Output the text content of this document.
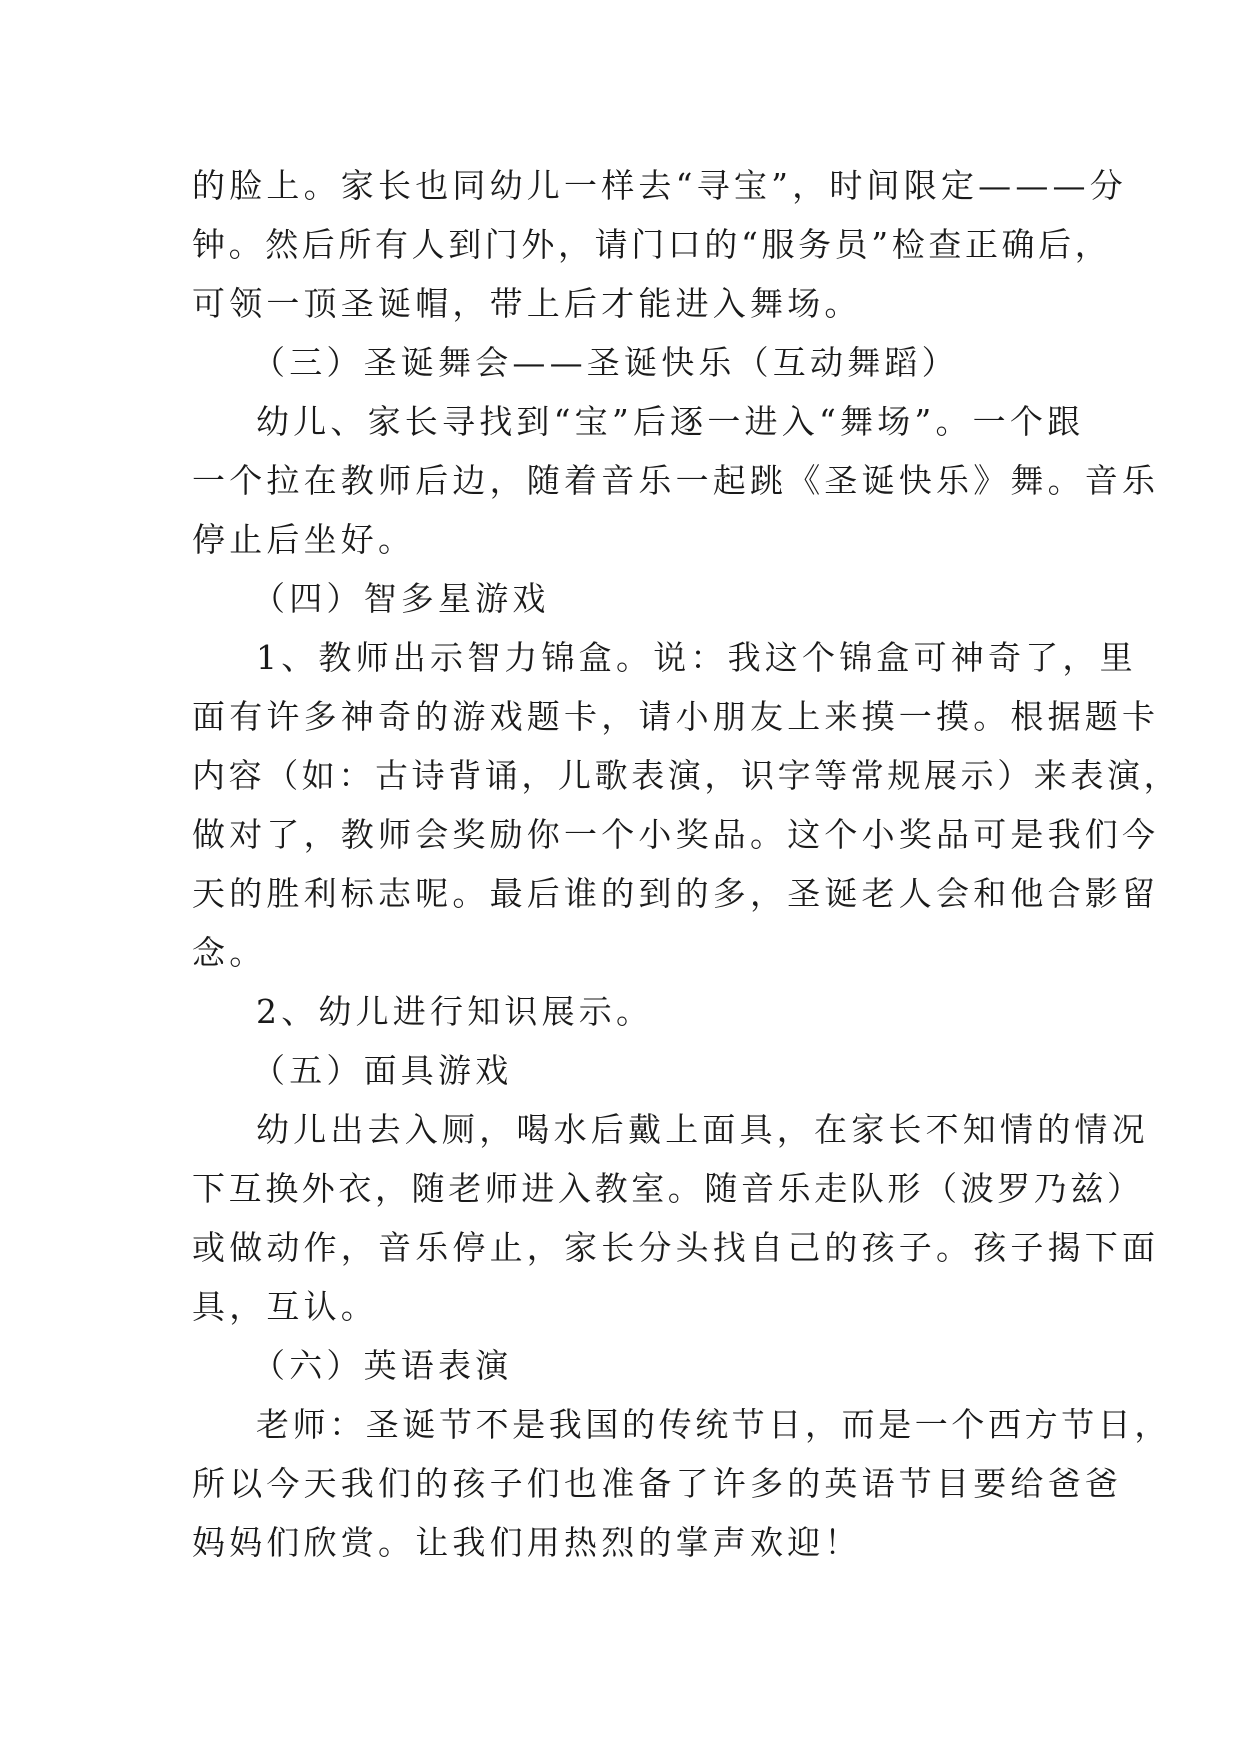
的脸上。家长也同幼儿一样去“寻宝”，时间限定———分
钟。然后所有人到门外，请门口的“服务员”检查正确后，
可领一顶圣诞帽，带上后才能进入舞场。
（三）圣诞舞会——圣诞快乐（互动舞蹈）
幼儿、家长寻找到“宝”后逐一进入“舞场”。一个跟
一个拉在教师后边，随着音乐一起跳《圣诞快乐》舞。音乐
停止后坐好。
（四）智多星游戏
1、教师出示智力锦盒。说：我这个锦盒可神奇了，里
面有许多神奇的游戏题卡，请小朋友上来摸一摸。根据题卡
内容（如：古诗背诵，儿歌表演，识字等常规展示）来表演，
做对了，教师会奖励你一个小奖品。这个小奖品可是我们今
天的胜利标志呢。最后谁的到的多，圣诞老人会和他合影留
念。
2、幼儿进行知识展示。
（五）面具游戏
幼儿出去入厕，喝水后戴上面具，在家长不知情的情况
下互换外衣，随老师进入教室。随音乐走队形（波罗乃兹）
或做动作，音乐停止，家长分头找自己的孩子。孩子揭下面
具，互认。
（六）英语表演
老师：圣诞节不是我国的传统节日，而是一个西方节日，
所以今天我们的孩子们也准备了许多的英语节目要给爸爸
妈妈们欣赏。让我们用热烈的掌声欢迎！
